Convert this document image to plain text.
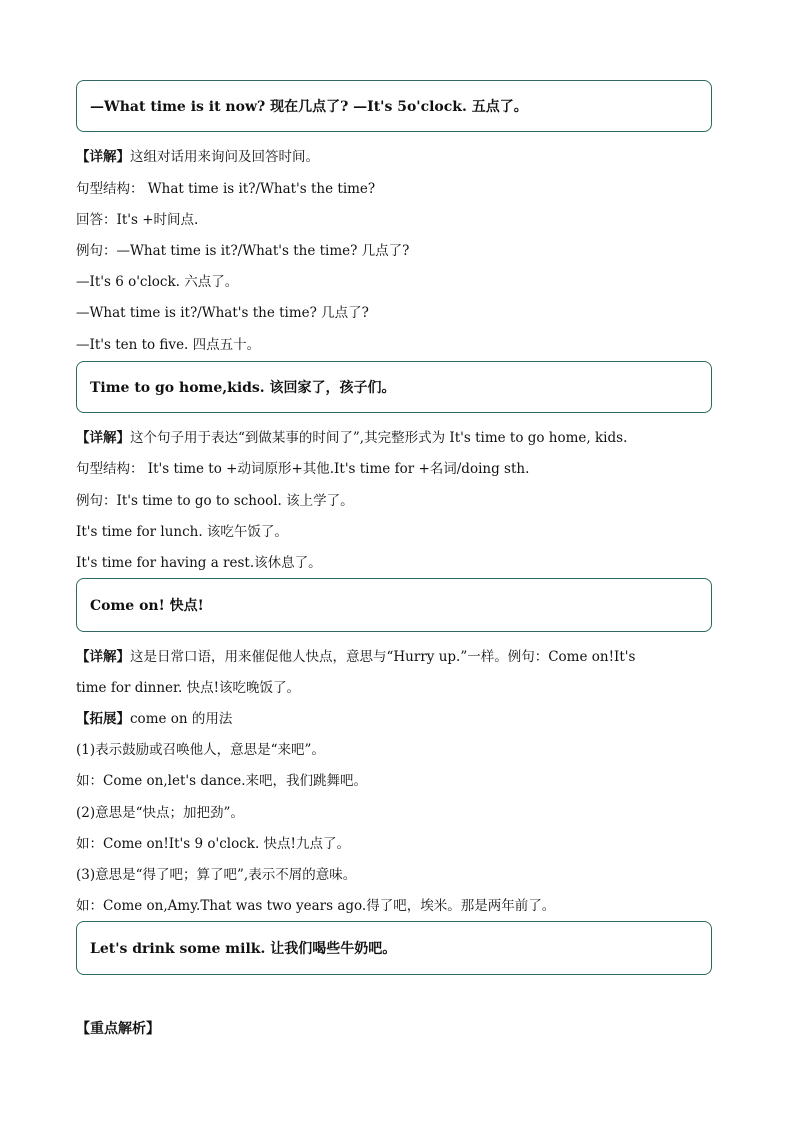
—What time is it now? 现在几点了? —It's 5o'clock. 五点了。
【详解】这组对话用来询问及回答时间。
句型结构： What time is it?/What's the time?
回答：It's +时间点.
例句：—What time is it?/What's the time? 几点了?
—It's 6 o'clock. 六点了。
—What time is it?/What's the time? 几点了?
—It's ten to five. 四点五十。
Time to go home,kids. 该回家了，孩子们。
【详解】这个句子用于表达“到做某事的时间了”,其完整形式为 It's time to go home, kids.
句型结构： It's time to +动词原形+其他.It's time for +名词/doing sth.
例句：It's time to go to school. 该上学了。
It's time for lunch. 该吃午饭了。
It's time for having a rest.该休息了。
Come on! 快点!
【详解】这是日常口语，用来催促他人快点，意思与“Hurry up.”一样。例句：Come on!It's
time for dinner. 快点!该吃晚饭了。
【拓展】come on 的用法
(1)表示鼓励或召唤他人，意思是“来吧”。
如：Come on,let's dance.来吧，我们跳舞吧。
(2)意思是“快点；加把劲”。
如：Come on!It's 9 o'clock. 快点!九点了。
(3)意思是“得了吧；算了吧”,表示不屑的意味。
如：Come on,Amy.That was two years ago.得了吧，埃米。那是两年前了。
Let's drink some milk. 让我们喝些牛奶吧。
【重点解析】
